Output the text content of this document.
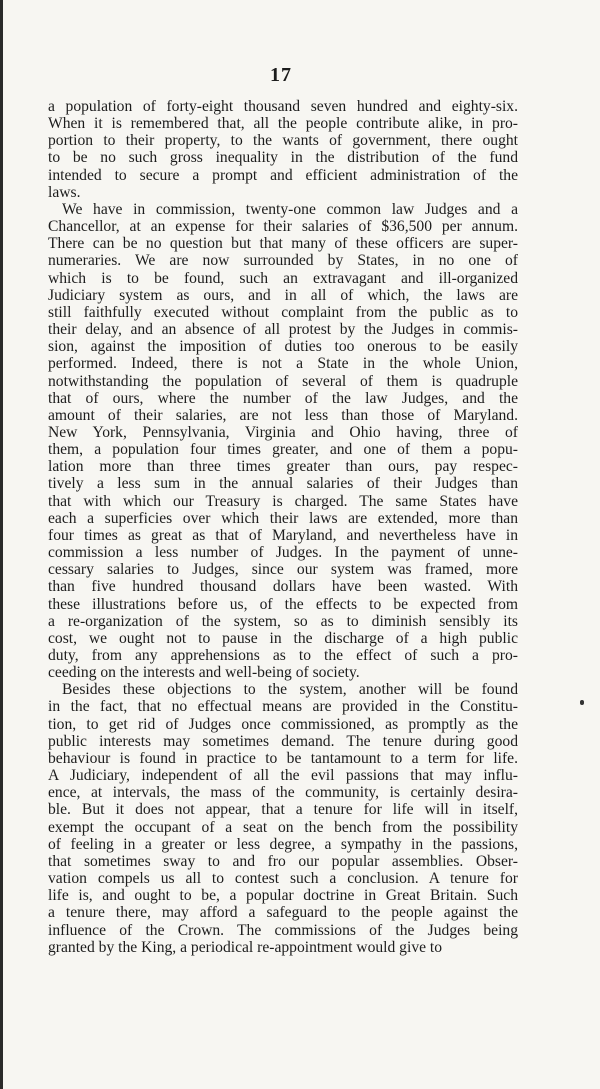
17
a population of forty-eight thousand seven hundred and eighty-six.
When it is remembered that, all the people contribute alike, in pro-
portion to their property, to the wants of government, there ought
to be no such gross inequality in the distribution of the fund
intended to secure a prompt and efficient administration of the
laws.
We have in commission, twenty-one common law Judges and a
Chancellor, at an expense for their salaries of $36,500 per annum.
There can be no question but that many of these officers are super-
numeraries. We are now surrounded by States, in no one of
which is to be found, such an extravagant and ill-organized
Judiciary system as ours, and in all of which, the laws are
still faithfully executed without complaint from the public as to
their delay, and an absence of all protest by the Judges in commis-
sion, against the imposition of duties too onerous to be easily
performed. Indeed, there is not a State in the whole Union,
notwithstanding the population of several of them is quadruple
that of ours, where the number of the law Judges, and the
amount of their salaries, are not less than those of Maryland.
New York, Pennsylvania, Virginia and Ohio having, three of
them, a population four times greater, and one of them a popu-
lation more than three times greater than ours, pay respec-
tively a less sum in the annual salaries of their Judges than
that with which our Treasury is charged. The same States have
each a superficies over which their laws are extended, more than
four times as great as that of Maryland, and nevertheless have in
commission a less number of Judges. In the payment of unne-
cessary salaries to Judges, since our system was framed, more
than five hundred thousand dollars have been wasted. With
these illustrations before us, of the effects to be expected from
a re-organization of the system, so as to diminish sensibly its
cost, we ought not to pause in the discharge of a high public
duty, from any apprehensions as to the effect of such a pro-
ceeding on the interests and well-being of society.
Besides these objections to the system, another will be found
in the fact, that no effectual means are provided in the Constitu-
tion, to get rid of Judges once commissioned, as promptly as the
public interests may sometimes demand. The tenure during good
behaviour is found in practice to be tantamount to a term for life.
A Judiciary, independent of all the evil passions that may influ-
ence, at intervals, the mass of the community, is certainly desira-
ble. But it does not appear, that a tenure for life will in itself,
exempt the occupant of a seat on the bench from the possibility
of feeling in a greater or less degree, a sympathy in the passions,
that sometimes sway to and fro our popular assemblies. Obser-
vation compels us all to contest such a conclusion. A tenure for
life is, and ought to be, a popular doctrine in Great Britain. Such
a tenure there, may afford a safeguard to the people against the
influence of the Crown. The commissions of the Judges being
granted by the King, a periodical re-appointment would give to
